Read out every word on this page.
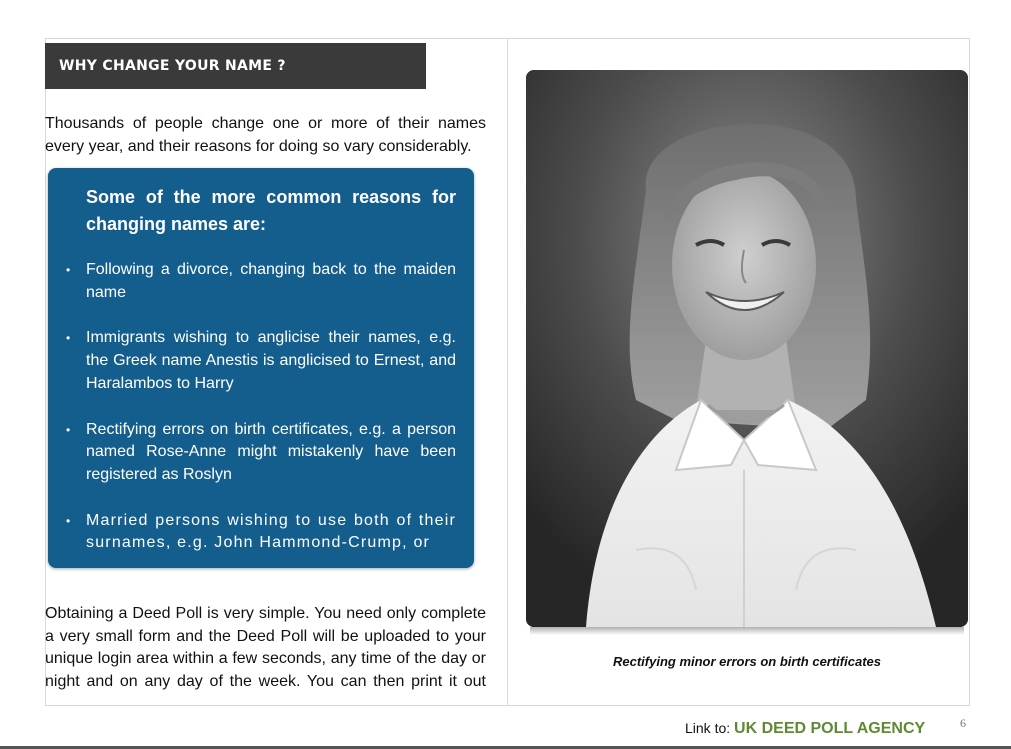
WHY CHANGE YOUR NAME ?

Thousands of people change one or more of their names every year, and their reasons for doing so vary considerably.

Some of the more common reasons for changing names are:

• Following a divorce, changing back to the maiden name
• Immigrants wishing to anglicise their names, e.g. the Greek name Anestis is anglicised to Ernest, and Haralambos to Harry
• Rectifying errors on birth certificates, e.g. a person named Rose-Anne might mistakenly have been registered as Roslyn
• Married persons wishing to use both of their surnames, e.g. John Hammond-Crump, or

Obtaining a Deed Poll is very simple. You need only complete a very small form and the Deed Poll will be uploaded to your unique login area within a few seconds, any time of the day or night and on any day of the week. You can then print it out

Rectifying minor errors on birth certificates

Link to: UK DEED POLL AGENCY	6
